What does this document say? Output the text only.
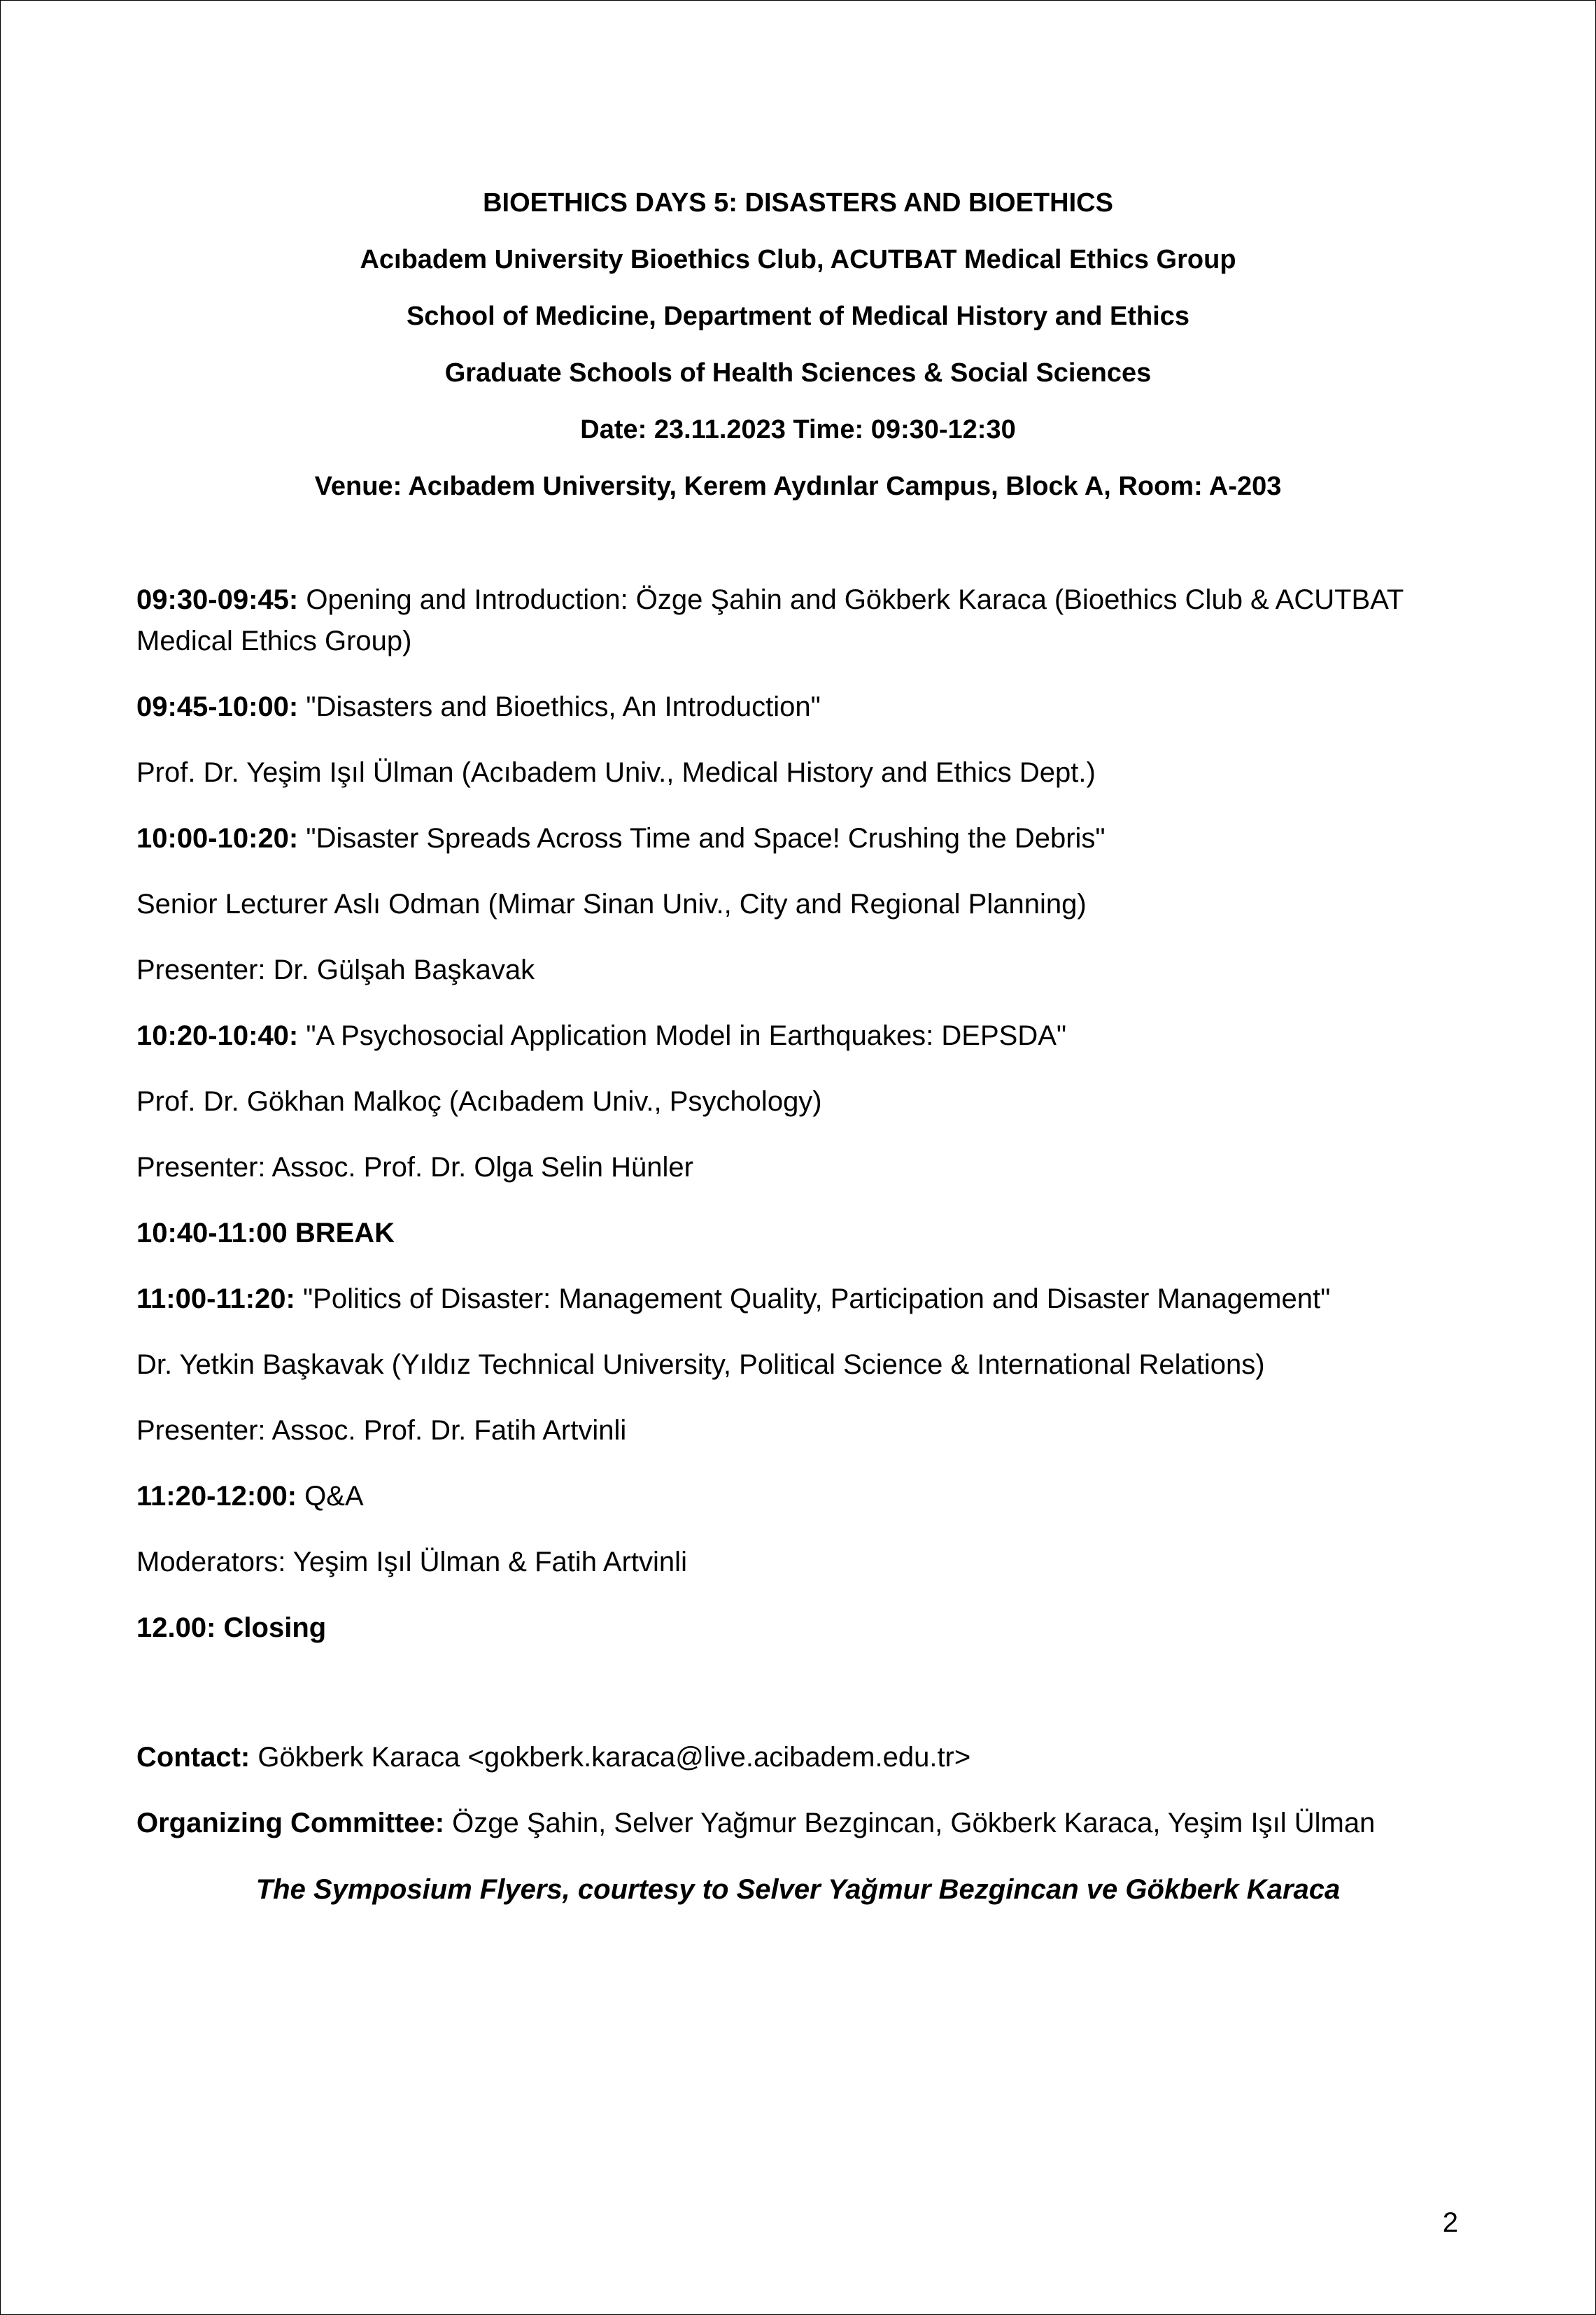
BIOETHICS DAYS 5: DISASTERS AND BIOETHICS
Acıbadem University Bioethics Club, ACUTBAT Medical Ethics Group
School of Medicine, Department of Medical History and Ethics
Graduate Schools of Health Sciences & Social Sciences
Date: 23.11.2023 Time: 09:30-12:30
Venue: Acıbadem University, Kerem Aydınlar Campus, Block A, Room: A-203
09:30-09:45: Opening and Introduction: Özge Şahin and Gökberk Karaca (Bioethics Club & ACUTBAT Medical Ethics Group)
09:45-10:00: "Disasters and Bioethics, An Introduction"
Prof. Dr. Yeşim Işıl Ülman (Acıbadem Univ., Medical History and Ethics Dept.)
10:00-10:20: "Disaster Spreads Across Time and Space! Crushing the Debris"
Senior Lecturer Aslı Odman (Mimar Sinan Univ., City and Regional Planning)
Presenter: Dr. Gülşah Başkavak
10:20-10:40: "A Psychosocial Application Model in Earthquakes: DEPSDA"
Prof. Dr. Gökhan Malkoç (Acıbadem Univ., Psychology)
Presenter: Assoc. Prof. Dr. Olga Selin Hünler
10:40-11:00 BREAK
11:00-11:20: "Politics of Disaster: Management Quality, Participation and Disaster Management"
Dr. Yetkin Başkavak (Yıldız Technical University, Political Science & International Relations)
Presenter: Assoc. Prof. Dr. Fatih Artvinli
11:20-12:00: Q&A
Moderators: Yeşim Işıl Ülman & Fatih Artvinli
12.00: Closing
Contact: Gökberk Karaca <gokberk.karaca@live.acibadem.edu.tr>
Organizing Committee: Özge Şahin, Selver Yağmur Bezgincan, Gökberk Karaca, Yeşim Işıl Ülman
The Symposium Flyers, courtesy to Selver Yağmur Bezgincan ve Gökberk Karaca
2
